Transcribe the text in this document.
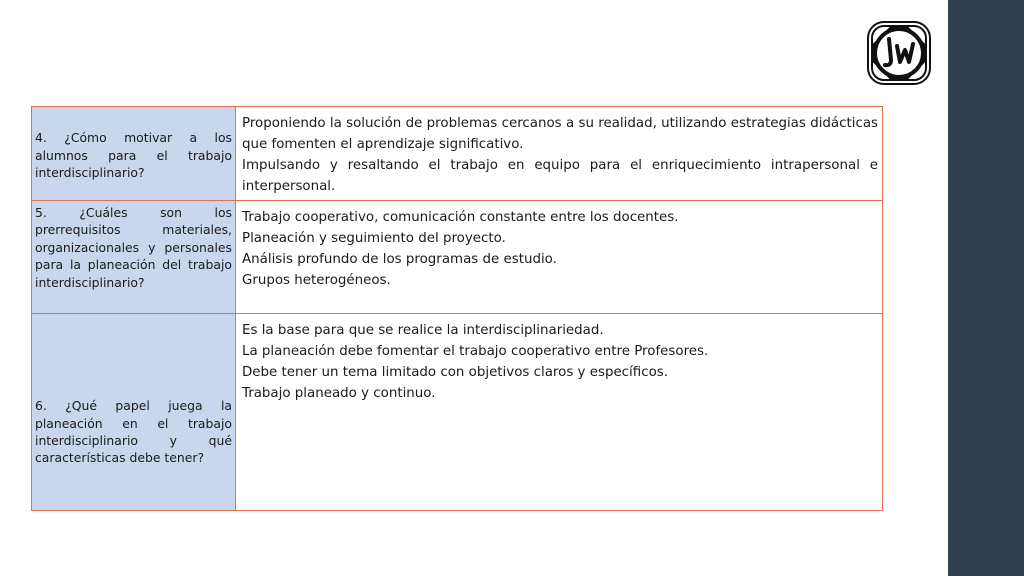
4. ¿Cómo motivar a los alumnos para el trabajo interdisciplinario?	Proponiendo la solución de problemas cercanos a su realidad, utilizando estrategias didácticas que fomenten el aprendizaje significativo.
Impulsando y resaltando el trabajo en equipo para el enriquecimiento intrapersonal e interpersonal.

5. ¿Cuáles son los prerrequisitos materiales, organizacionales y personales para la planeación del trabajo interdisciplinario?	Trabajo cooperativo, comunicación constante entre los docentes.
Planeación y seguimiento del proyecto.
Análisis profundo de los programas de estudio.
Grupos heterogéneos.

6. ¿Qué papel juega la planeación en el trabajo interdisciplinario y qué características debe tener?	Es la base para que se realice la interdisciplinariedad.
La planeación debe fomentar el trabajo cooperativo entre Profesores.
Debe tener un tema limitado con objetivos claros y específicos.
Trabajo planeado y continuo.
